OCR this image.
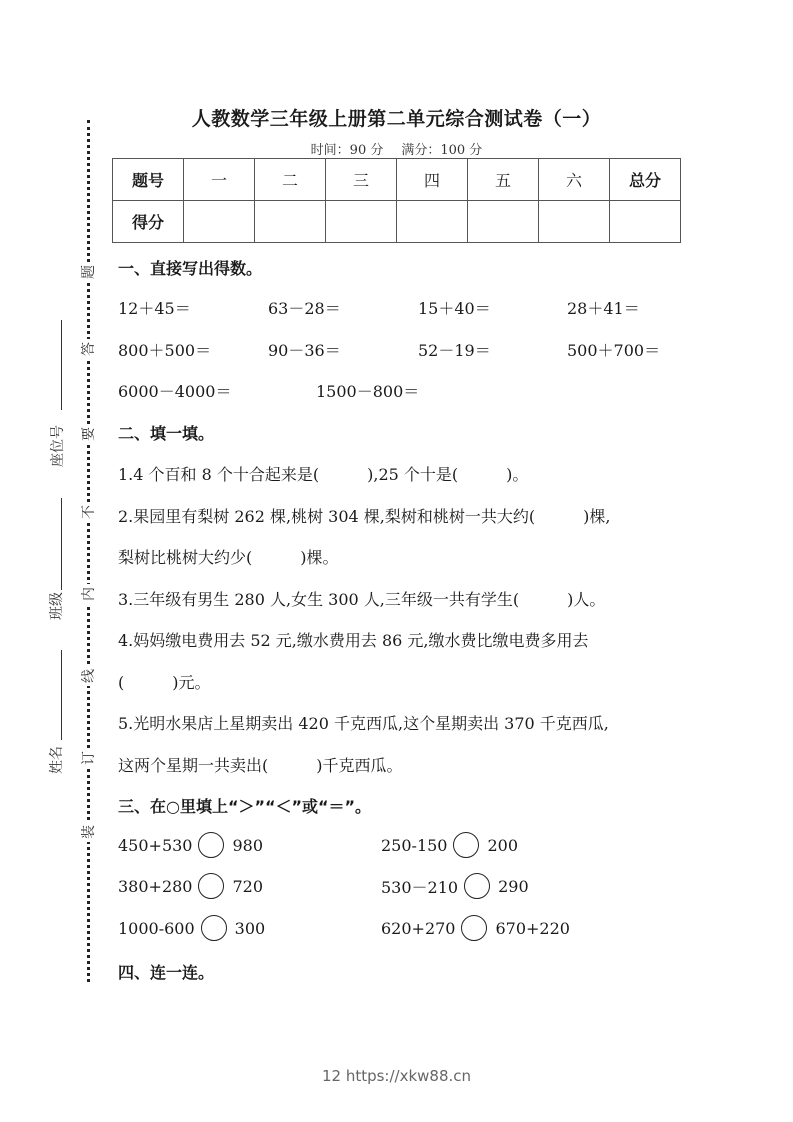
题
答
要
不
内
线
订
装
座位号
班级
姓名
人教数学三年级上册第二单元综合测试卷（一）
时间：90 分 满分：100 分
题号	一	二	三	四	五	六	总分
得分							
一、直接写出得数。
12＋45＝	63－28＝	15＋40＝	28＋41＝
800＋500＝	90－36＝	52－19＝	500＋700＝
6000－4000＝	1500－800＝
二、填一填。
1.4 个百和 8 个十合起来是(　　　),25 个十是(　　　)。
2.果园里有梨树 262 棵,桃树 304 棵,梨树和桃树一共大约(　　　)棵,
梨树比桃树大约少(　　　)棵。
3.三年级有男生 280 人,女生 300 人,三年级一共有学生(　　　)人。
4.妈妈缴电费用去 52 元,缴水费用去 86 元,缴水费比缴电费多用去
(　　　)元。
5.光明水果店上星期卖出 420 千克西瓜,这个星期卖出 370 千克西瓜,
这两个星期一共卖出(　　　)千克西瓜。
三、在○里填上“＞”“＜”或“＝”。
450+530	980	250-150	200
380+280	720	530－210	290
1000-600	300	620+270	670+220
四、连一连。
12 https://xkw88.cn
